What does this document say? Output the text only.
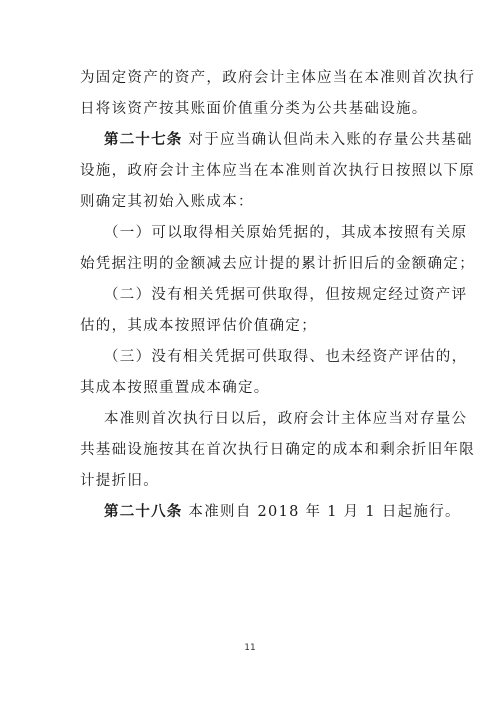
为固定资产的资产，政府会计主体应当在本准则首次执行
日将该资产按其账面价值重分类为公共基础设施。
第二十七条 对于应当确认但尚未入账的存量公共基础
设施，政府会计主体应当在本准则首次执行日按照以下原
则确定其初始入账成本：
（一）可以取得相关原始凭据的，其成本按照有关原
始凭据注明的金额减去应计提的累计折旧后的金额确定；
（二）没有相关凭据可供取得，但按规定经过资产评
估的，其成本按照评估价值确定；
（三）没有相关凭据可供取得、也未经资产评估的，
其成本按照重置成本确定。
本准则首次执行日以后，政府会计主体应当对存量公
共基础设施按其在首次执行日确定的成本和剩余折旧年限
计提折旧。
第二十八条 本准则自 2018 年 1 月 1 日起施行。
11
